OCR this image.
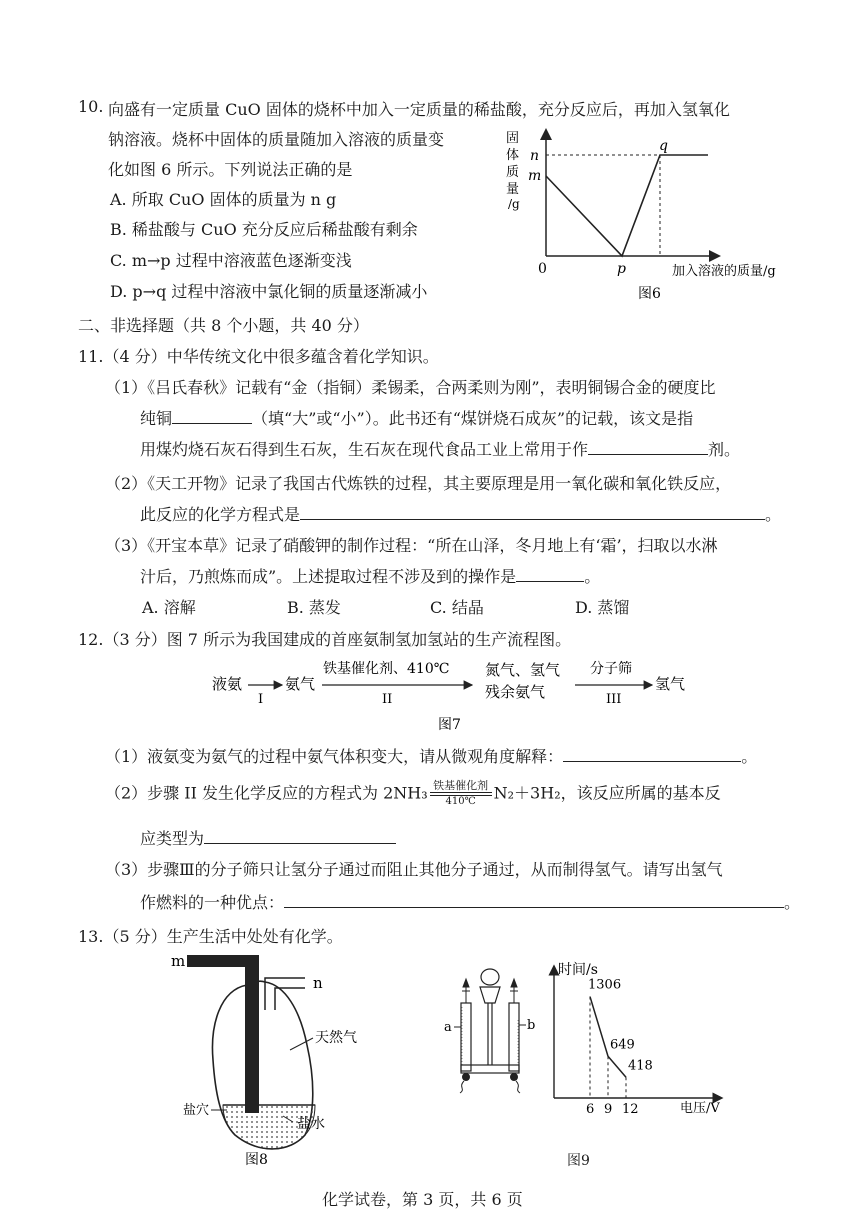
10. 向盛有一定质量 CuO 固体的烧杯中加入一定质量的稀盐酸，充分反应后，再加入氢氧化
钠溶液。烧杯中固体的质量随加入溶液的质量变
化如图 6 所示。下列说法正确的是
A. 所取 CuO 固体的质量为 n g
B. 稀盐酸与 CuO 充分反应后稀盐酸有剩余
C. m→p 过程中溶液蓝色逐渐变浅
D. p→q 过程中溶液中氯化铜的质量逐渐减小
固
体
质
量
/g
n
m
0	p
q
加入溶液的质量/g
图6
二、非选择题（共 8 个小题，共 40 分）
11.（4 分）中华传统文化中很多蕴含着化学知识。
（1）《吕氏春秋》记载有“金（指铜）柔锡柔，合两柔则为刚”，表明铜锡合金的硬度比
纯铜	（填“大”或“小”）。此书还有“煤饼烧石成灰”的记载，该文是指
用煤灼烧石灰石得到生石灰，生石灰在现代食品工业上常用于作	剂。
（2）《天工开物》记录了我国古代炼铁的过程，其主要原理是用一氧化碳和氧化铁反应，
此反应的化学方程式是	。
（3）《开宝本草》记录了硝酸钾的制作过程：“所在山泽，冬月地上有‘霜’，扫取以水淋
汁后，乃煎炼而成”。上述提取过程不涉及到的操作是	。
A. 溶解	B. 蒸发	C. 结晶	D. 蒸馏
12.（3 分）图 7 所示为我国建成的首座氨制氢加氢站的生产流程图。
液氨
I
氨气
铁基催化剂、410℃
II
氮气、氢气
残余氨气
分子筛
III
氢气
图7
（1）液氨变为氨气的过程中氨气体积变大，请从微观角度解释：	。
（2）步骤 II 发生化学反应的方程式为 2NH₃ 铁基催化剂
410℃ N₂＋3H₂，该反应所属的基本反
应类型为
（3）步骤Ⅲ的分子筛只让氢分子通过而阻止其他分子通过，从而制得氢气。请写出氢气
作燃料的一种优点：	。
13.（5 分）生产生活中处处有化学。
m
n
天然气
盐穴
盐水
图8
a	b
时间/s
电压/V
6
1306
9
649
12
418
图9
化学试卷，第 3 页，共 6 页
